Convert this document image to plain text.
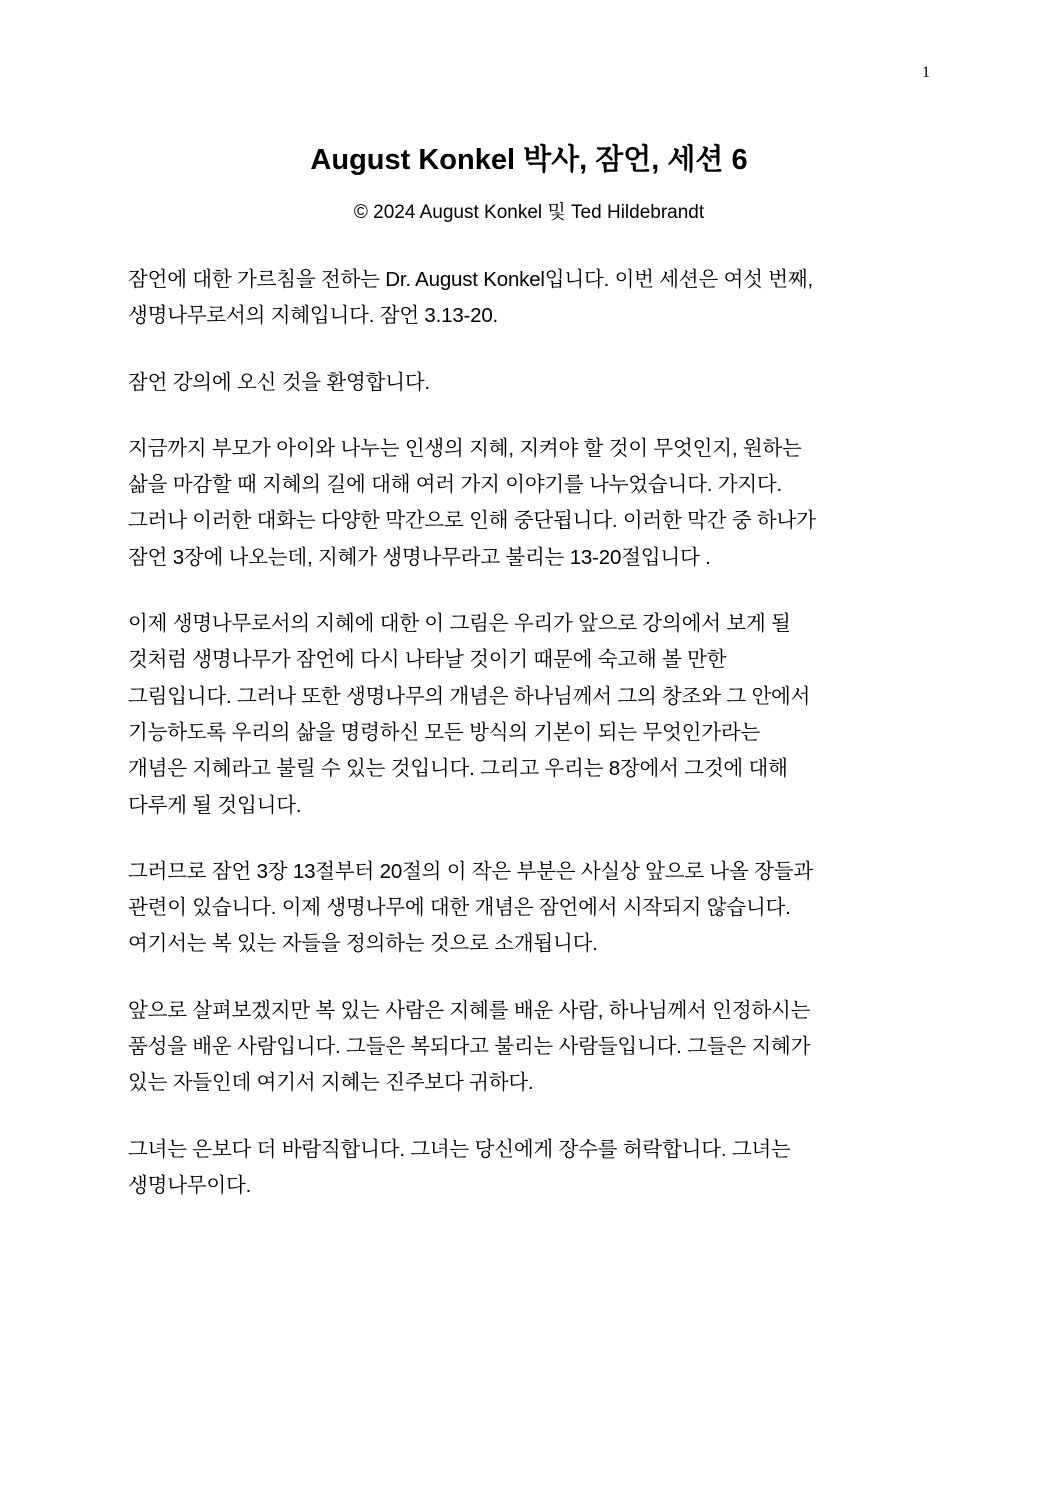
1
August Konkel 박사, 잠언, 세션 6
© 2024 August Konkel 및 Ted Hildebrandt

잠언에 대한 가르침을 전하는 Dr. August Konkel입니다. 이번 세션은 여섯 번째,
생명나무로서의 지혜입니다. 잠언 3.13-20.

잠언 강의에 오신 것을 환영합니다.

지금까지 부모가 아이와 나누는 인생의 지혜, 지켜야 할 것이 무엇인지, 원하는
삶을 마감할 때 지혜의 길에 대해 여러 가지 이야기를 나누었습니다. 가지다.
그러나 이러한 대화는 다양한 막간으로 인해 중단됩니다. 이러한 막간 중 하나가
잠언 3장에 나오는데, 지혜가 생명나무라고 불리는 13-20절입니다 .

이제 생명나무로서의 지혜에 대한 이 그림은 우리가 앞으로 강의에서 보게 될
것처럼 생명나무가 잠언에 다시 나타날 것이기 때문에 숙고해 볼 만한
그림입니다. 그러나 또한 생명나무의 개념은 하나님께서 그의 창조와 그 안에서
기능하도록 우리의 삶을 명령하신 모든 방식의 기본이 되는 무엇인가라는
개념은 지혜라고 불릴 수 있는 것입니다. 그리고 우리는 8장에서 그것에 대해
다루게 될 것입니다.

그러므로 잠언 3장 13절부터 20절의 이 작은 부분은 사실상 앞으로 나올 장들과
관련이 있습니다. 이제 생명나무에 대한 개념은 잠언에서 시작되지 않습니다.
여기서는 복 있는 자들을 정의하는 것으로 소개됩니다.

앞으로 살펴보겠지만 복 있는 사람은 지혜를 배운 사람, 하나님께서 인정하시는
품성을 배운 사람입니다. 그들은 복되다고 불리는 사람들입니다. 그들은 지혜가
있는 자들인데 여기서 지혜는 진주보다 귀하다.

그녀는 은보다 더 바람직합니다. 그녀는 당신에게 장수를 허락합니다. 그녀는
생명나무이다.
